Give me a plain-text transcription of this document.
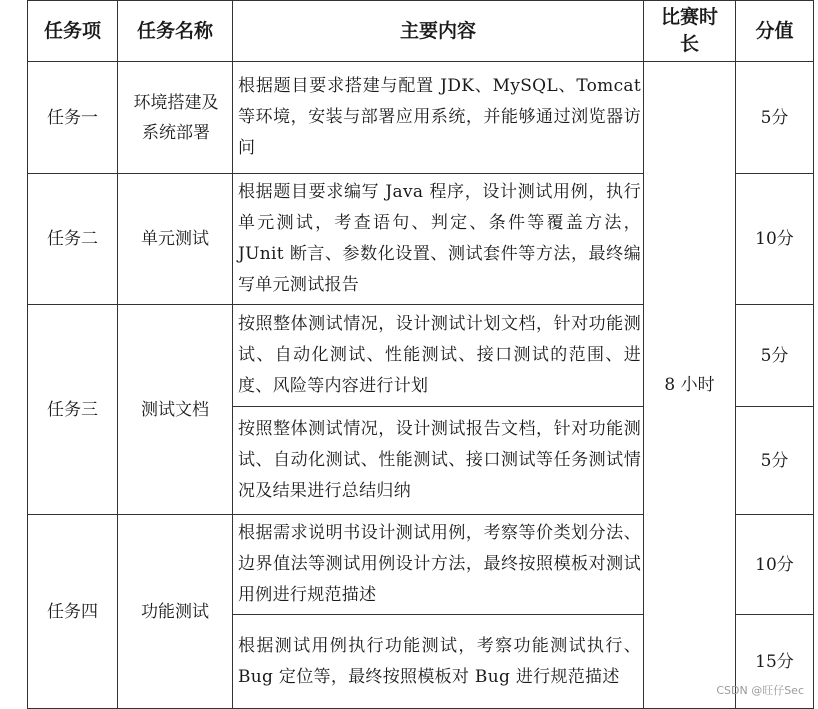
任务项	任务名称	主要内容	比赛时长	分值
任务一	环境搭建及系统部署	根据题目要求搭建与配置 JDK、MySQL、Tomcat 等环境，安装与部署应用系统，并能够通过浏览器访问	8 小时	5分
任务二	单元测试	根据题目要求编写 Java 程序，设计测试用例，执行单元测试，考查语句、判定、条件等覆盖方法，JUnit 断言、参数化设置、测试套件等方法，最终编写单元测试报告		10分
任务三	测试文档	按照整体测试情况，设计测试计划文档，针对功能测试、自动化测试、性能测试、接口测试的范围、进度、风险等内容进行计划		5分
		按照整体测试情况，设计测试报告文档，针对功能测试、自动化测试、性能测试、接口测试等任务测试情况及结果进行总结归纳		5分
任务四	功能测试	根据需求说明书设计测试用例，考察等价类划分法、边界值法等测试用例设计方法，最终按照模板对测试用例进行规范描述		10分
		根据测试用例执行功能测试，考察功能测试执行、Bug 定位等，最终按照模板对 Bug 进行规范描述		15分
CSDN @旺仔Sec
